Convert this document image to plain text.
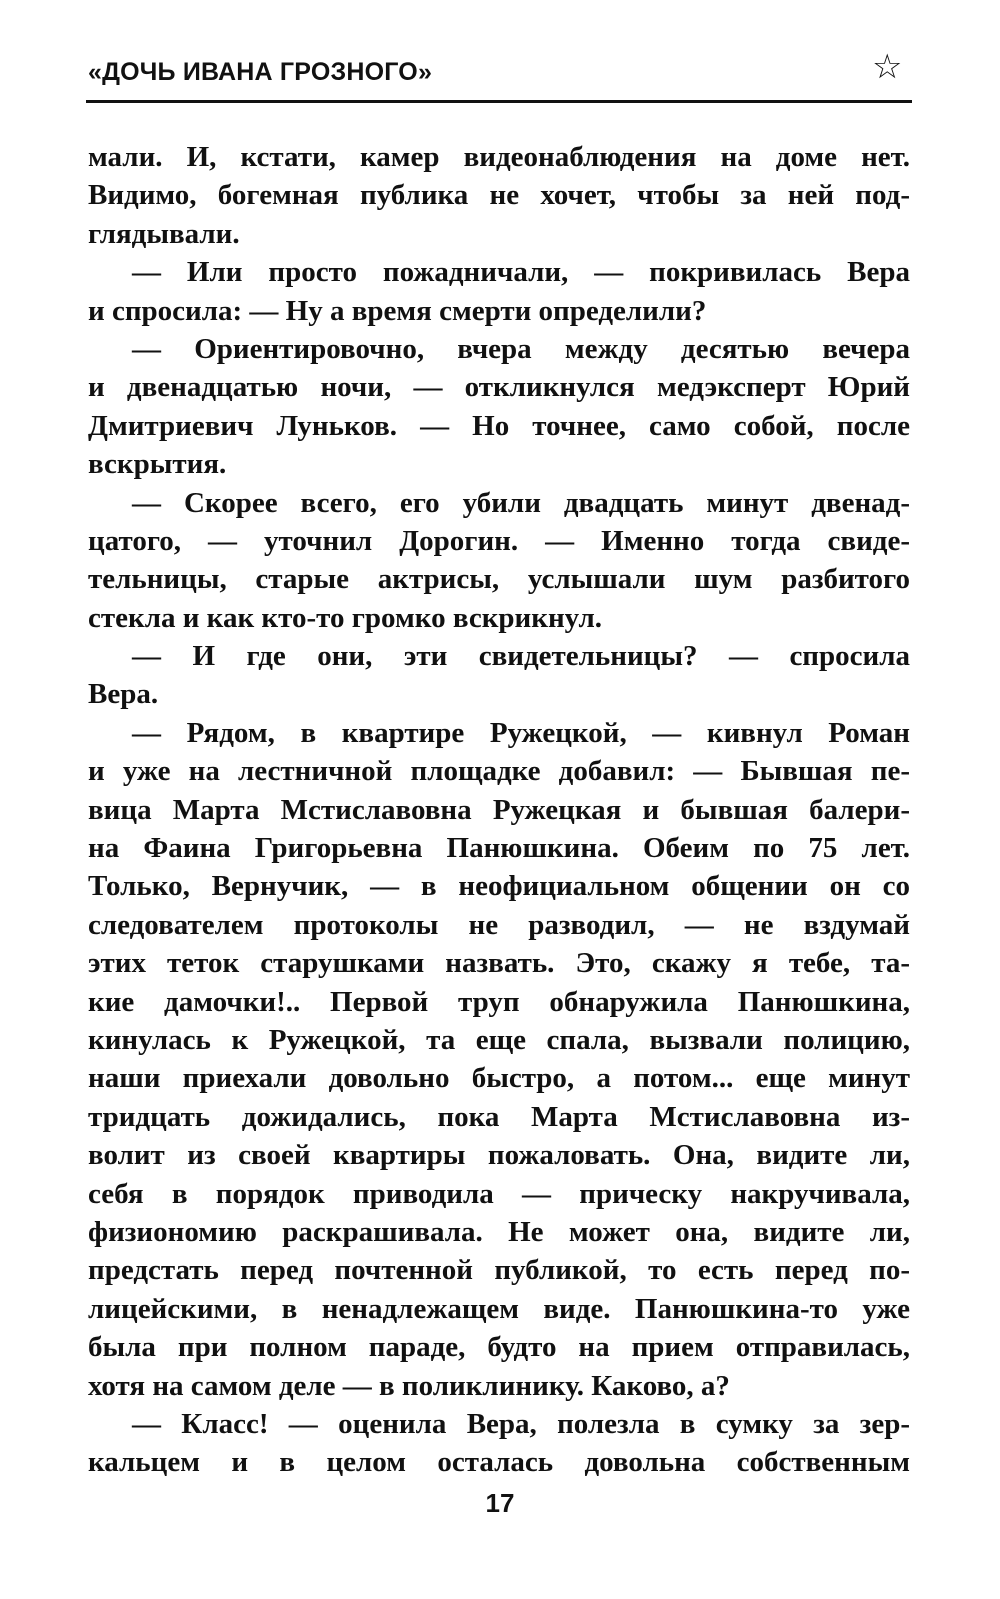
«ДОЧЬ ИВАНА ГРОЗНОГО»	☆
мали. И, кстати, камер видеонаблюдения на доме нет.
Видимо, богемная публика не хочет, чтобы за ней под-
глядывали.
— Или просто пожадничали, — покривилась Вера
и спросила: — Ну а время смерти определили?
— Ориентировочно, вчера между десятью вечера
и двенадцатью ночи, — откликнулся медэксперт Юрий
Дмитриевич Луньков. — Но точнее, само собой, после
вскрытия.
— Скорее всего, его убили двадцать минут двенад-
цатого, — уточнил Дорогин. — Именно тогда свиде-
тельницы, старые актрисы, услышали шум разбитого
стекла и как кто-то громко вскрикнул.
— И где они, эти свидетельницы? — спросила
Вера.
— Рядом, в квартире Ружецкой, — кивнул Роман
и уже на лестничной площадке добавил: — Бывшая пе-
вица Марта Мстиславовна Ружецкая и бывшая балери-
на Фаина Григорьевна Панюшкина. Обеим по 75 лет.
Только, Вернучик, — в неофициальном общении он со
следователем протоколы не разводил, — не вздумай
этих теток старушками назвать. Это, скажу я тебе, та-
кие дамочки!.. Первой труп обнаружила Панюшкина,
кинулась к Ружецкой, та еще спала, вызвали полицию,
наши приехали довольно быстро, а потом... еще минут
тридцать дожидались, пока Марта Мстиславовна из-
волит из своей квартиры пожаловать. Она, видите ли,
себя в порядок приводила — прическу накручивала,
физиономию раскрашивала. Не может она, видите ли,
предстать перед почтенной публикой, то есть перед по-
лицейскими, в ненадлежащем виде. Панюшкина-то уже
была при полном параде, будто на прием отправилась,
хотя на самом деле — в поликлинику. Каково, а?
— Класс! — оценила Вера, полезла в сумку за зер-
кальцем и в целом осталась довольна собственным
17
